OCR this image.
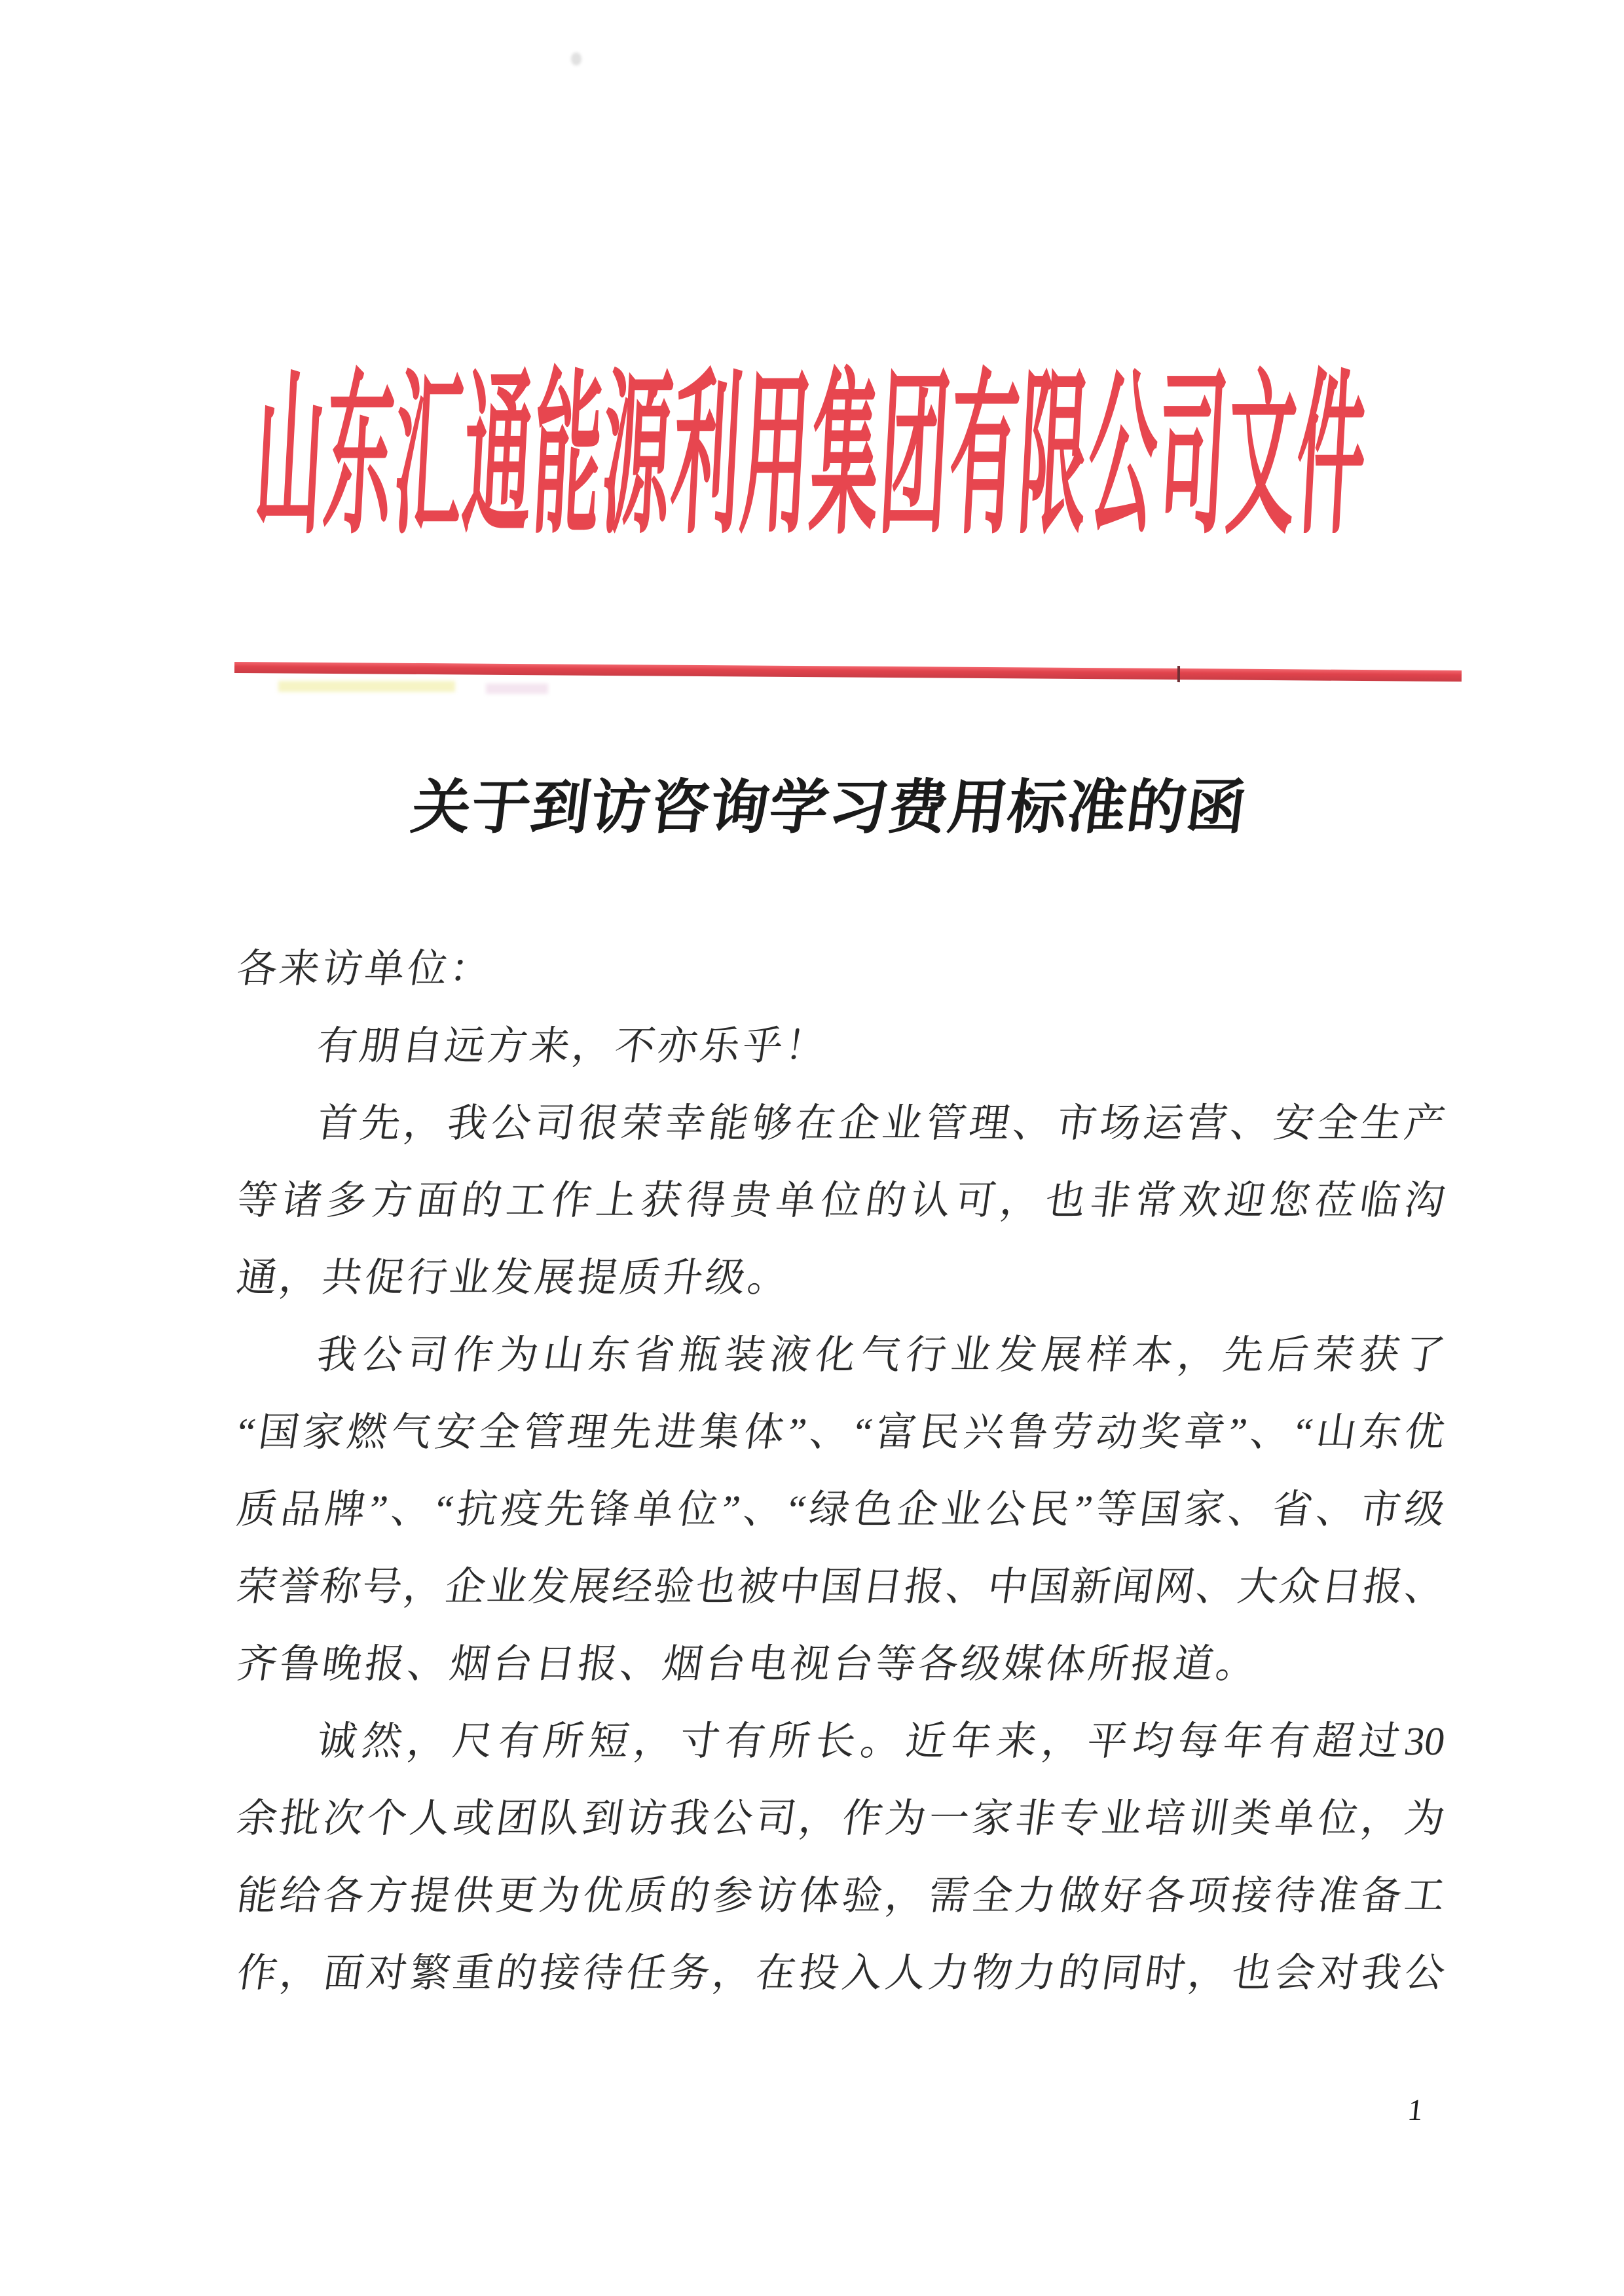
山东汇通能源利用集团有限公司文件
关于到访咨询学习费用标准的函
各来访单位：
有朋自远方来，不亦乐乎！
首先，我公司很荣幸能够在企业管理、市场运营、安全生产
等诸多方面的工作上获得贵单位的认可，也非常欢迎您莅临沟
通，共促行业发展提质升级。
我公司作为山东省瓶装液化气行业发展样本，先后荣获了
“国家燃气安全管理先进集体”、“富民兴鲁劳动奖章”、“山东优
质品牌”、“抗疫先锋单位”、“绿色企业公民”等国家、省、市级
荣誉称号，企业发展经验也被中国日报、中国新闻网、大众日报、
齐鲁晚报、烟台日报、烟台电视台等各级媒体所报道。
诚然，尺有所短，寸有所长。近年来，平均每年有超过30
余批次个人或团队到访我公司，作为一家非专业培训类单位，为
能给各方提供更为优质的参访体验，需全力做好各项接待准备工
作，面对繁重的接待任务，在投入人力物力的同时，也会对我公
1
